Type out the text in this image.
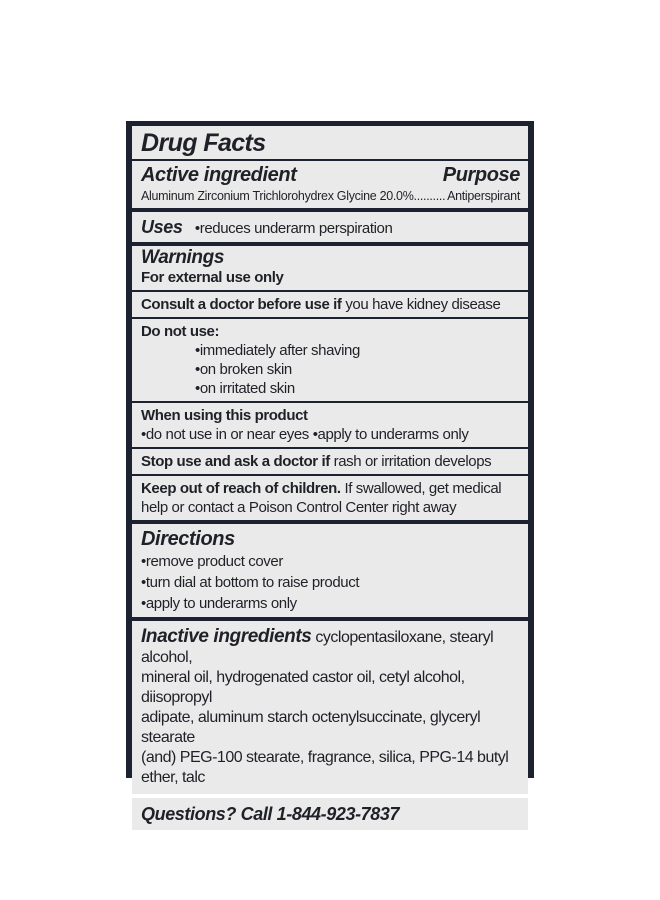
Drug Facts
Active ingredient	Purpose
Aluminum Zirconium Trichlorohydrex Glycine 20.0%.......... Antiperspirant
Uses • reduces underarm perspiration
Warnings
For external use only
Consult a doctor before use if you have kidney disease
Do not use:
• immediately after shaving
• on broken skin
• on irritated skin
When using this product
• do not use in or near eyes • apply to underarms only
Stop use and ask a doctor if rash or irritation develops
Keep out of reach of children. If swallowed, get medical
help or contact a Poison Control Center right away
Directions
• remove product cover
• turn dial at bottom to raise product
• apply to underarms only
Inactive ingredients cyclopentasiloxane, stearyl alcohol,
mineral oil, hydrogenated castor oil, cetyl alcohol, diisopropyl
adipate, aluminum starch octenylsuccinate, glyceryl stearate
(and) PEG-100 stearate, fragrance, silica, PPG-14 butyl ether, talc
Questions? Call 1-844-923-7837
